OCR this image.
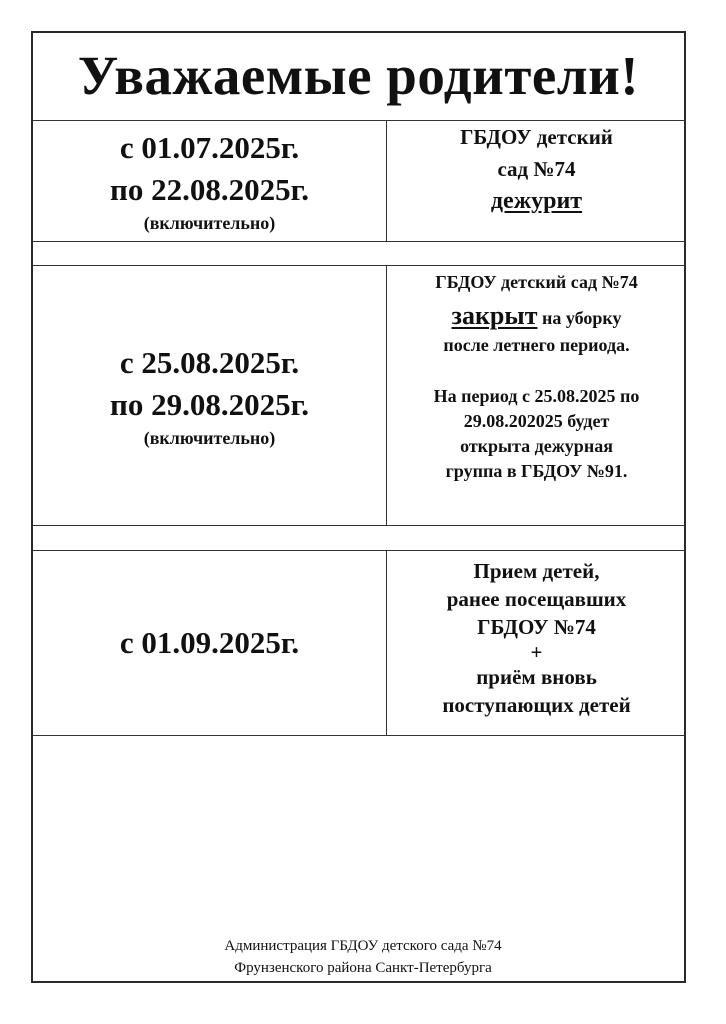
Уважаемые родители!
с 01.07.2025г.
по 22.08.2025г.
(включительно)
ГБДОУ детский
сад №74
дежурит
с 25.08.2025г.
по 29.08.2025г.
(включительно)
ГБДОУ детский сад №74
закрыт на уборку
после летнего периода.
На период с 25.08.2025 по
29.08.202025 будет
открыта дежурная
группа в ГБДОУ №91.
с 01.09.2025г.
Прием детей,
ранее посещавших
ГБДОУ №74
+
приём вновь
поступающих детей
Администрация ГБДОУ детского сада №74
Фрунзенского района Санкт-Петербурга
